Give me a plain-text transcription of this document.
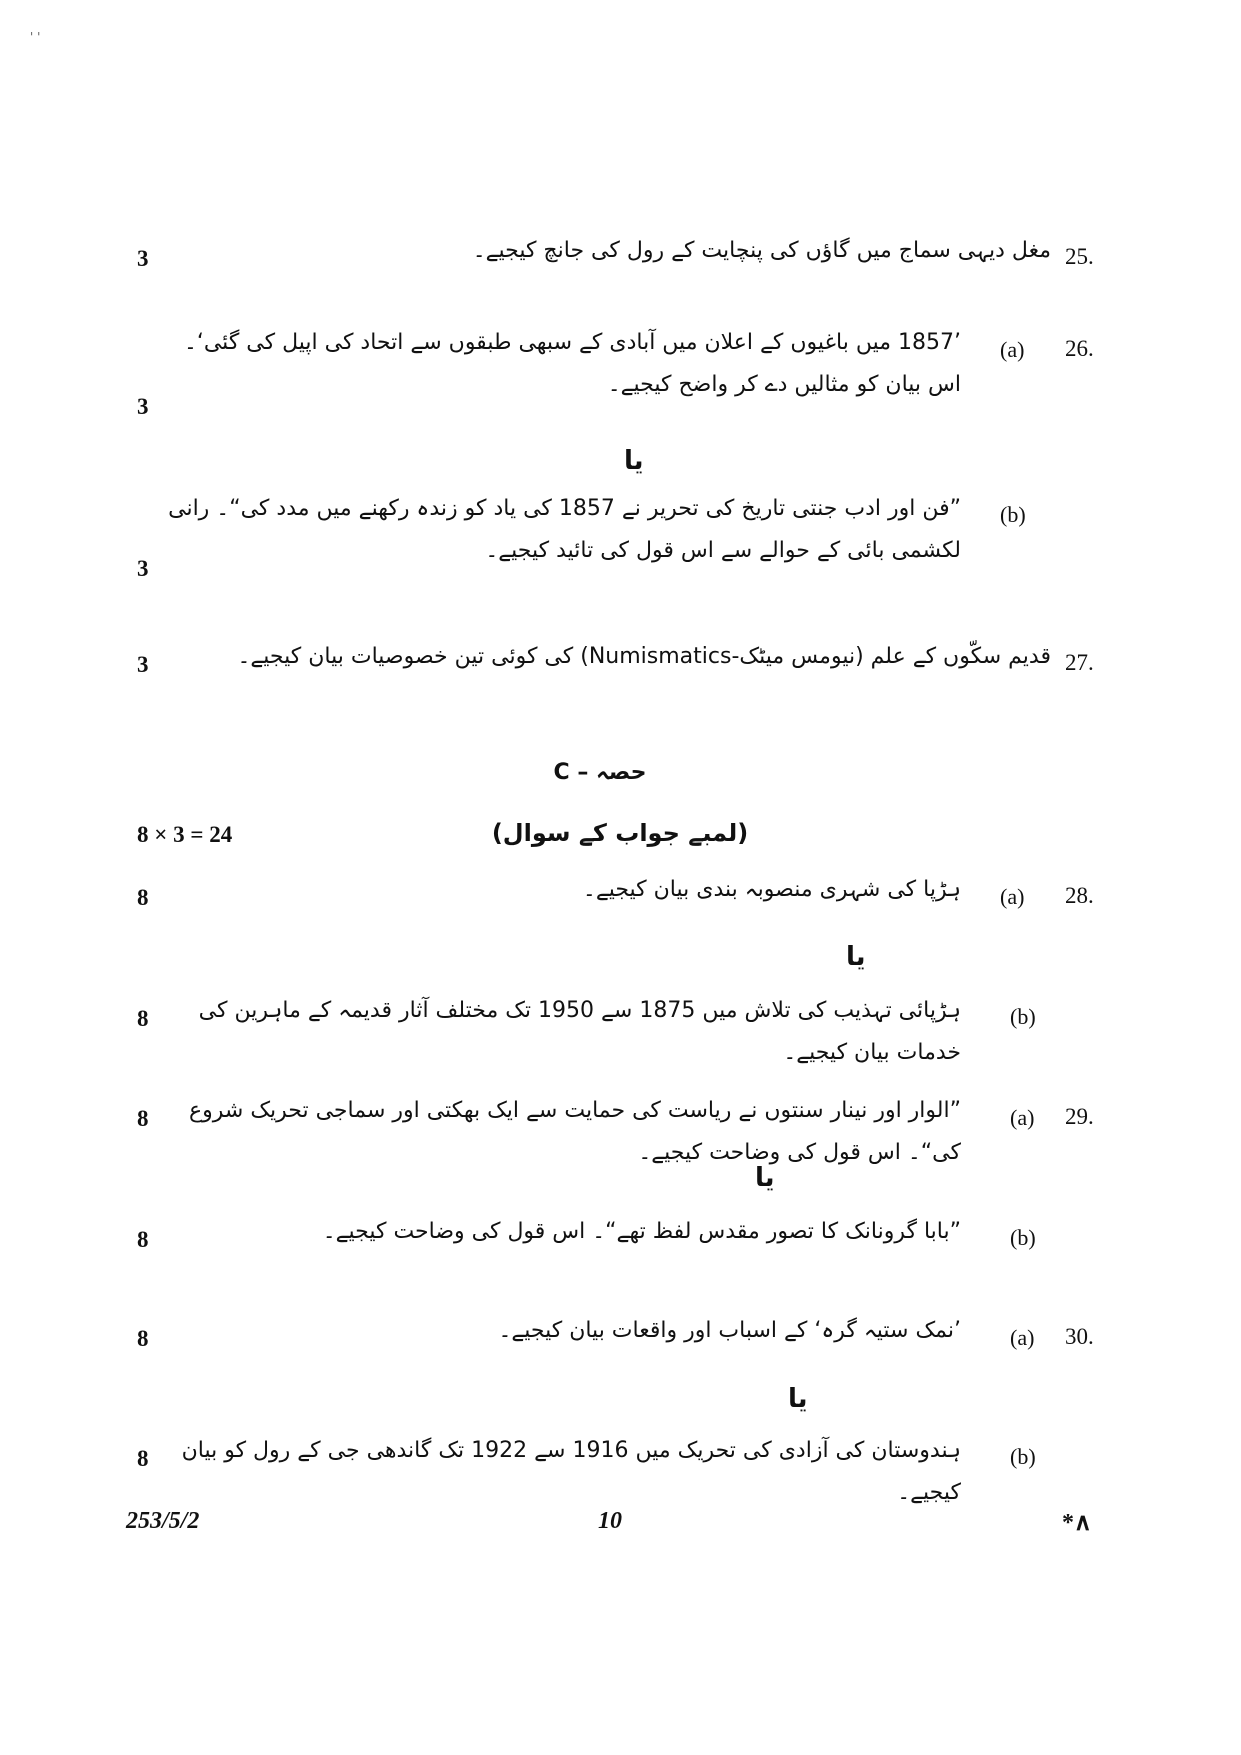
' '
25.
مغل دیہی سماج میں گاؤں کی پنچایت کے رول کی جانچ کیجیے۔
3
26.
(a)
’1857 میں باغیوں کے اعلان میں آبادی کے سبھی طبقوں سے اتحاد کی اپیل کی گئی‘۔ اس بیان کو مثالیں دے کر واضح کیجیے۔
3
یا
(b)
”فن اور ادب جنتی تاریخ کی تحریر نے 1857 کی یاد کو زندہ رکھنے میں مدد کی“۔ رانی لکشمی بائی کے حوالے سے اس قول کی تائید کیجیے۔
3
27.
قدیم سکّوں کے علم (نیومس میٹک-Numismatics) کی کوئی تین خصوصیات بیان کیجیے۔
3
حصہ – C
(لمبے جواب کے سوال)
8 × 3 = 24
28.
(a)
ہڑپا کی شہری منصوبہ بندی بیان کیجیے۔
8
یا
(b)
ہڑپائی تہذیب کی تلاش میں 1875 سے 1950 تک مختلف آثار قدیمہ کے ماہرین کی خدمات بیان کیجیے۔
8
29.
(a)
”الوار اور نینار سنتوں نے ریاست کی حمایت سے ایک بھکتی اور سماجی تحریک شروع کی“۔ اس قول کی وضاحت کیجیے۔
8
یا
(b)
”بابا گرونانک کا تصور مقدس لفظ تھے“۔ اس قول کی وضاحت کیجیے۔
8
30.
(a)
’نمک ستیہ گرہ‘ کے اسباب اور واقعات بیان کیجیے۔
8
یا
(b)
ہندوستان کی آزادی کی تحریک میں 1916 سے 1922 تک گاندھی جی کے رول کو بیان کیجیے۔
8
253/5/2	10	*∧
